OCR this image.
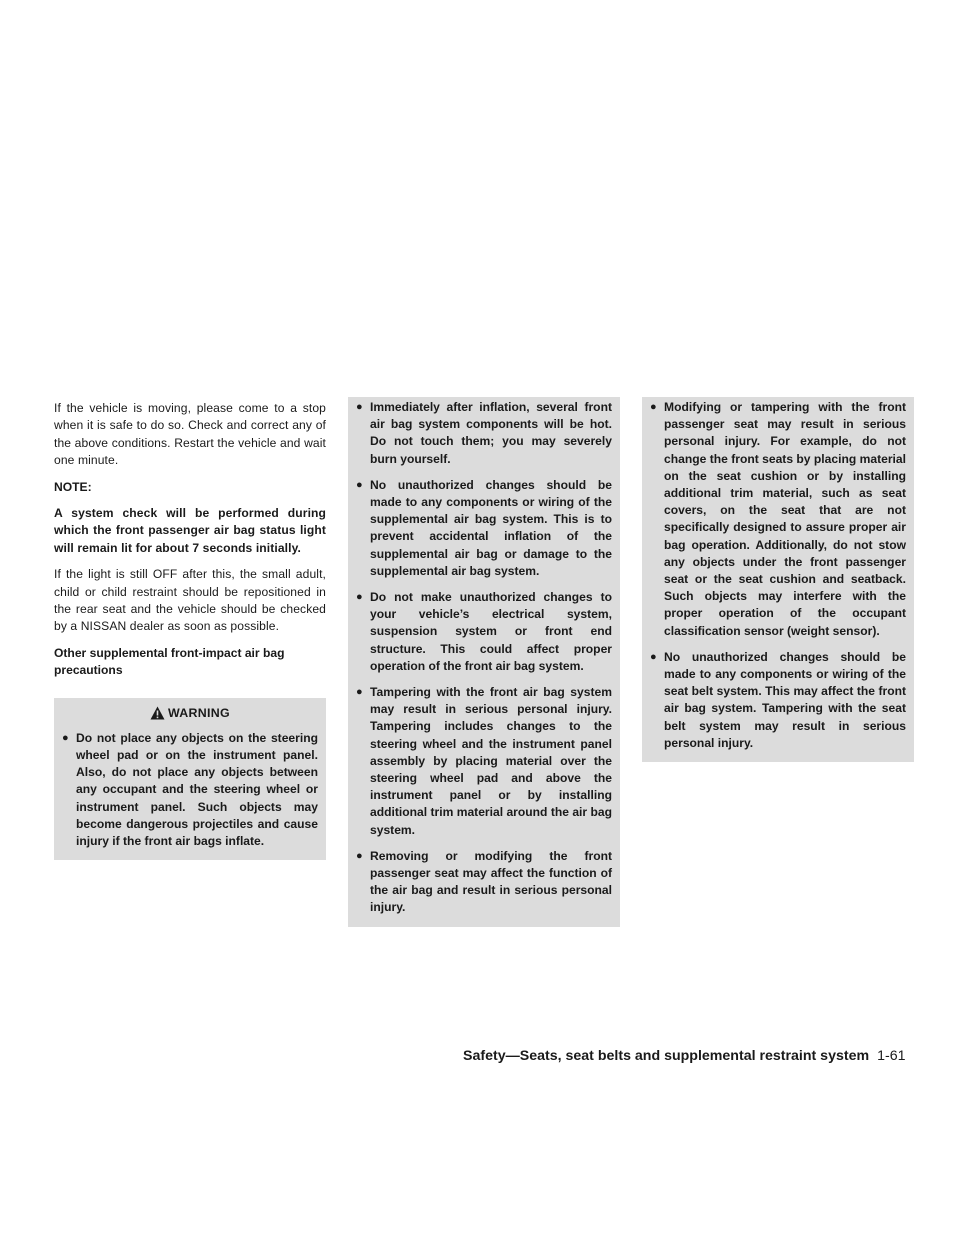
If the vehicle is moving, please come to a stop when it is safe to do so. Check and correct any of the above conditions. Restart the vehicle and wait one minute.

NOTE:

A system check will be performed during which the front passenger air bag status light will remain lit for about 7 seconds initially.

If the light is still OFF after this, the small adult, child or child restraint should be repositioned in the rear seat and the vehicle should be checked by a NISSAN dealer as soon as possible.

Other supplemental front-impact air bag precautions
WARNING
● Do not place any objects on the steering wheel pad or on the instrument panel. Also, do not place any objects between any occupant and the steering wheel or instrument panel. Such objects may become dangerous projectiles and cause injury if the front air bags inflate.
● Immediately after inflation, several front air bag system components will be hot. Do not touch them; you may severely burn yourself.
● No unauthorized changes should be made to any components or wiring of the supplemental air bag system. This is to prevent accidental inflation of the supplemental air bag or damage to the supplemental air bag system.
● Do not make unauthorized changes to your vehicle’s electrical system, suspension system or front end structure. This could affect proper operation of the front air bag system.
● Tampering with the front air bag system may result in serious personal injury. Tampering includes changes to the steering wheel and the instrument panel assembly by placing material over the steering wheel pad and above the instrument panel or by installing additional trim material around the air bag system.
● Removing or modifying the front passenger seat may affect the function of the air bag and result in serious personal injury.
● Modifying or tampering with the front passenger seat may result in serious personal injury. For example, do not change the front seats by placing material on the seat cushion or by installing additional trim material, such as seat covers, on the seat that are not specifically designed to assure proper air bag operation. Additionally, do not stow any objects under the front passenger seat or the seat cushion and seatback. Such objects may interfere with the proper operation of the occupant classification sensor (weight sensor).
● No unauthorized changes should be made to any components or wiring of the seat belt system. This may affect the front air bag system. Tampering with the seat belt system may result in serious personal injury.
Safety—Seats, seat belts and supplemental restraint system 1-61
